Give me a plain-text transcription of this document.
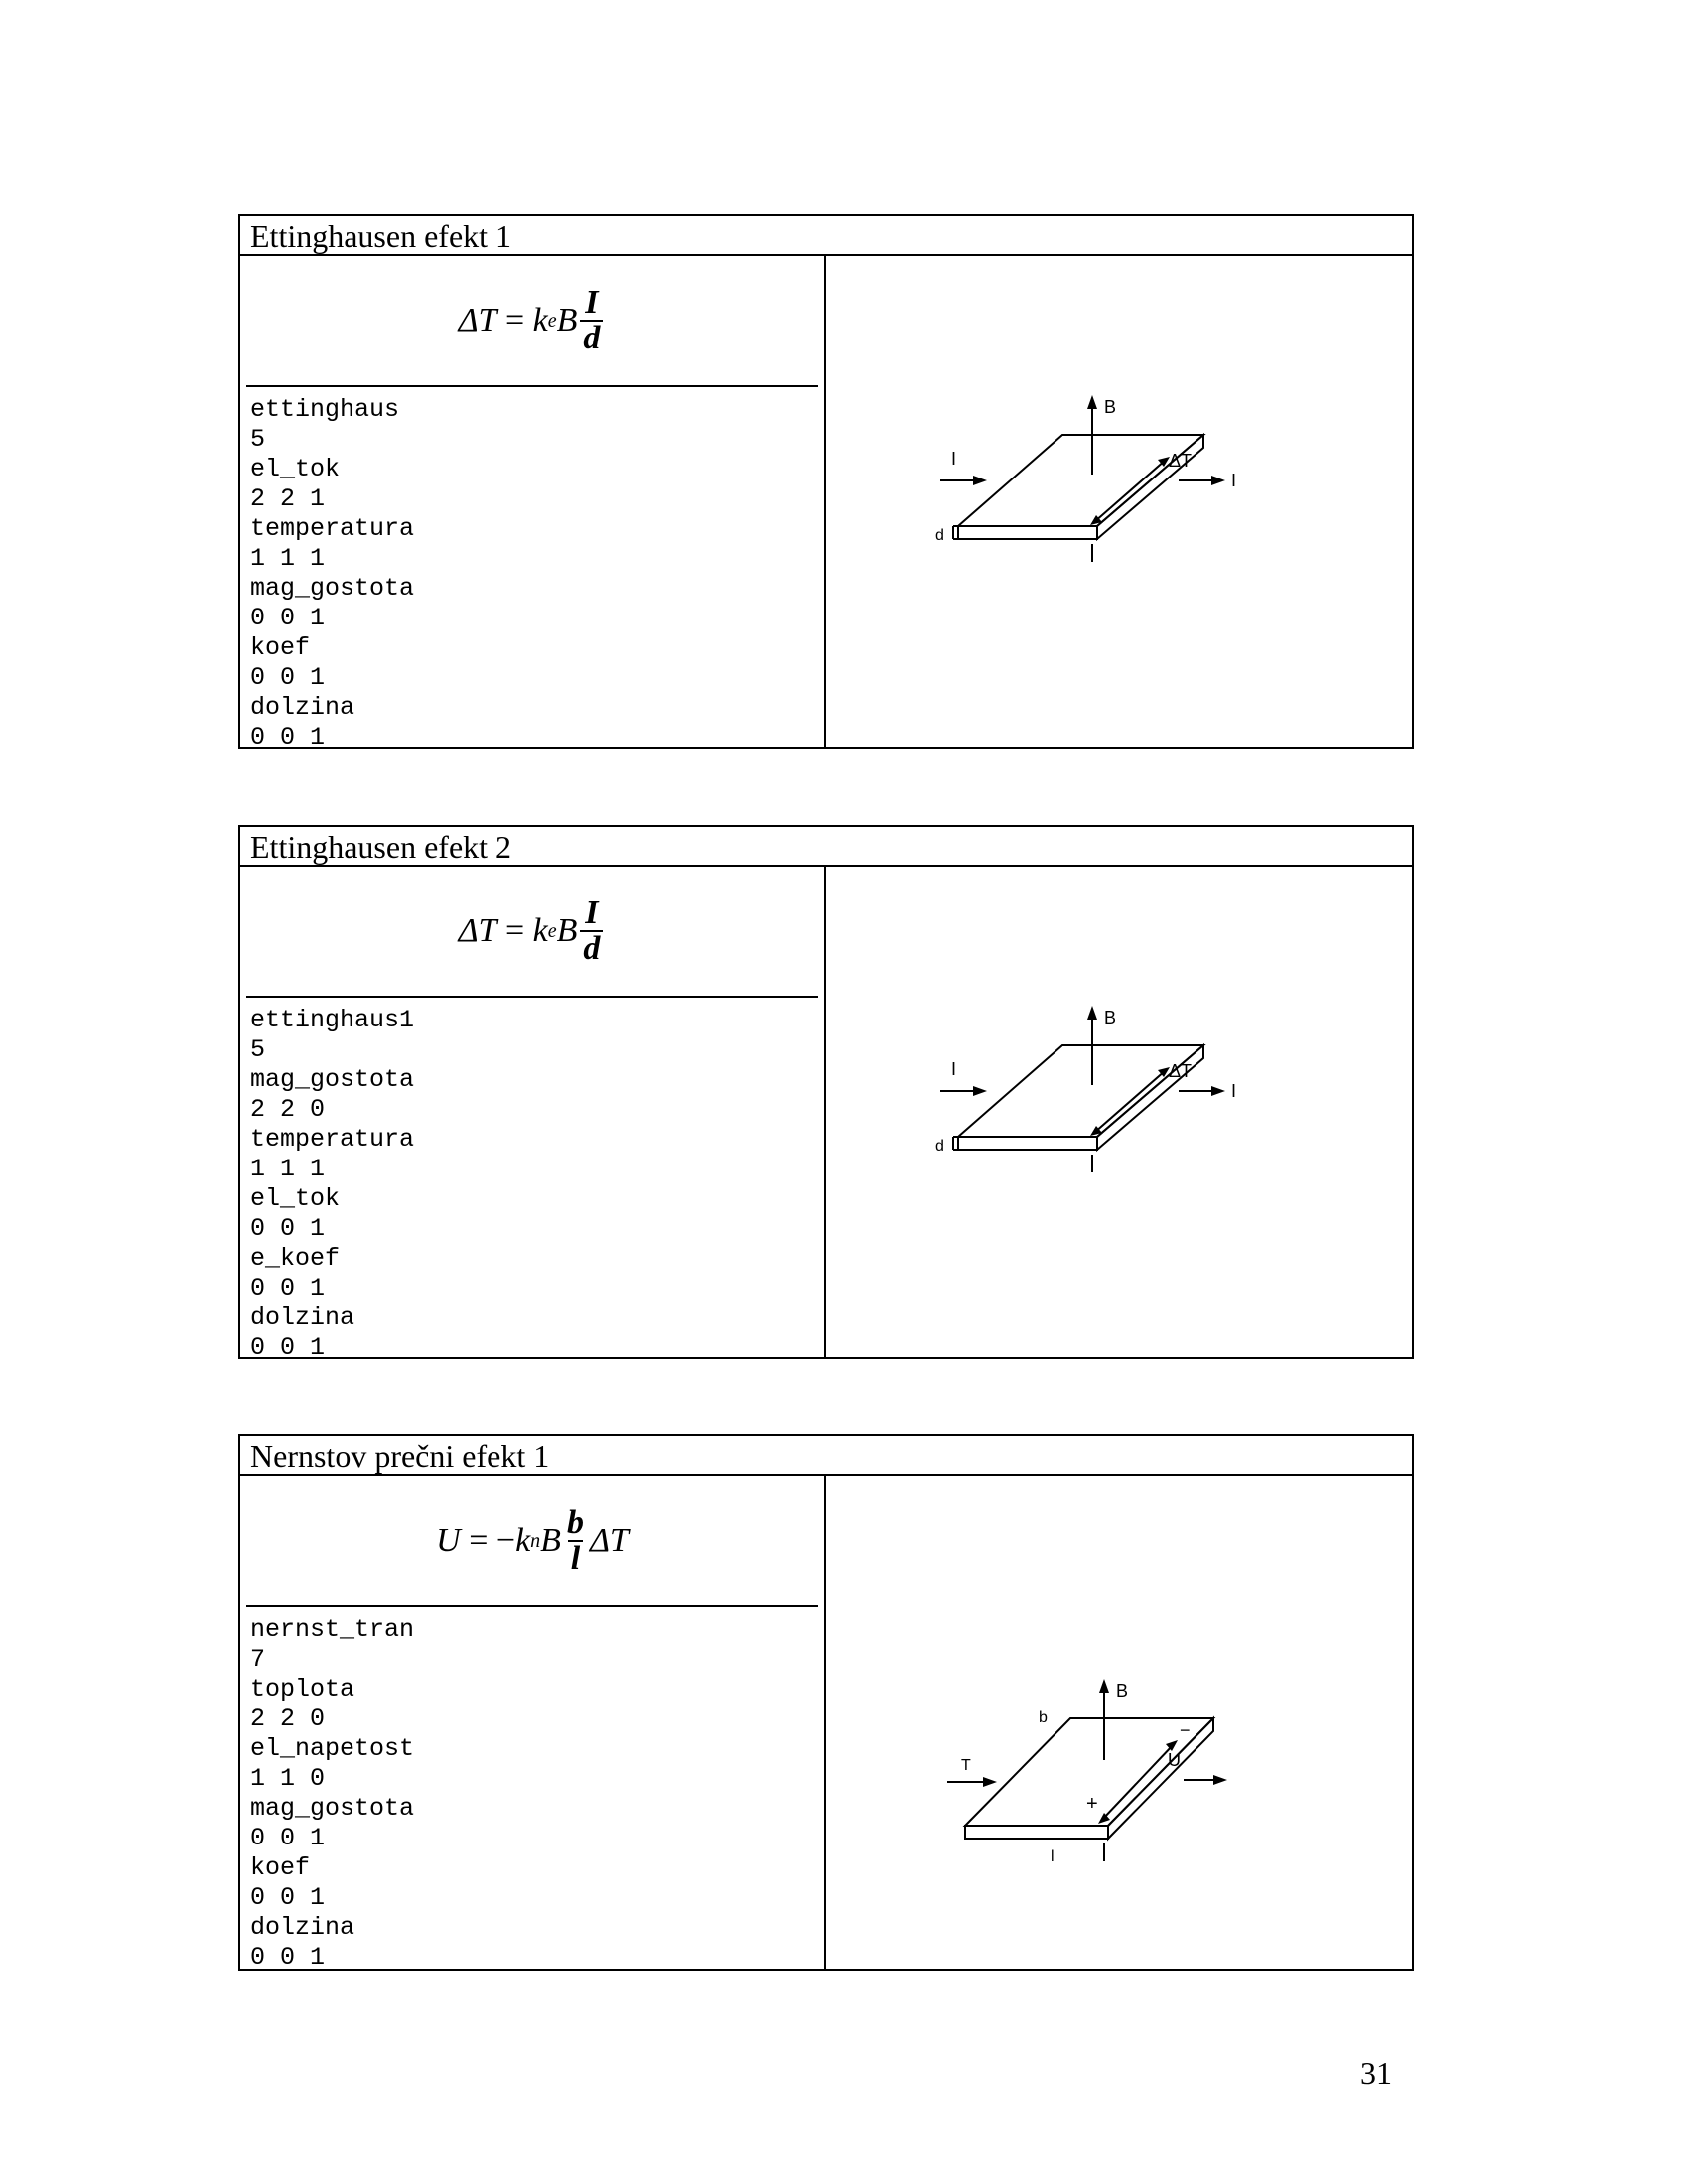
Ettinghausen efekt 1
ΔT = k e B $\frac{I}{d}$
ettinghaus
5
el_tok
2 2 1
temperatura
1 1 1
mag_gostota
0 0 1
koef
0 0 1
dolzina
0 0 1
B
I
I
ΔT
d
Ettinghausen efekt 2
ΔT = k e B $\frac{I}{d}$
ettinghaus1
5
mag_gostota
2 2 0
temperatura
1 1 1
el_tok
0 0 1
e_koef
0 0 1
dolzina
0 0 1
B
I
I
ΔT
d
Nernstov prečni efekt 1
U = − k n B $\frac{b}{l}$ ΔT
nernst_tran
7
toplota
2 2 0
el_napetost
1 1 0
mag_gostota
0 0 1
koef
0 0 1
dolzina
0 0 1
B
T
b
l
U
−
+
31
